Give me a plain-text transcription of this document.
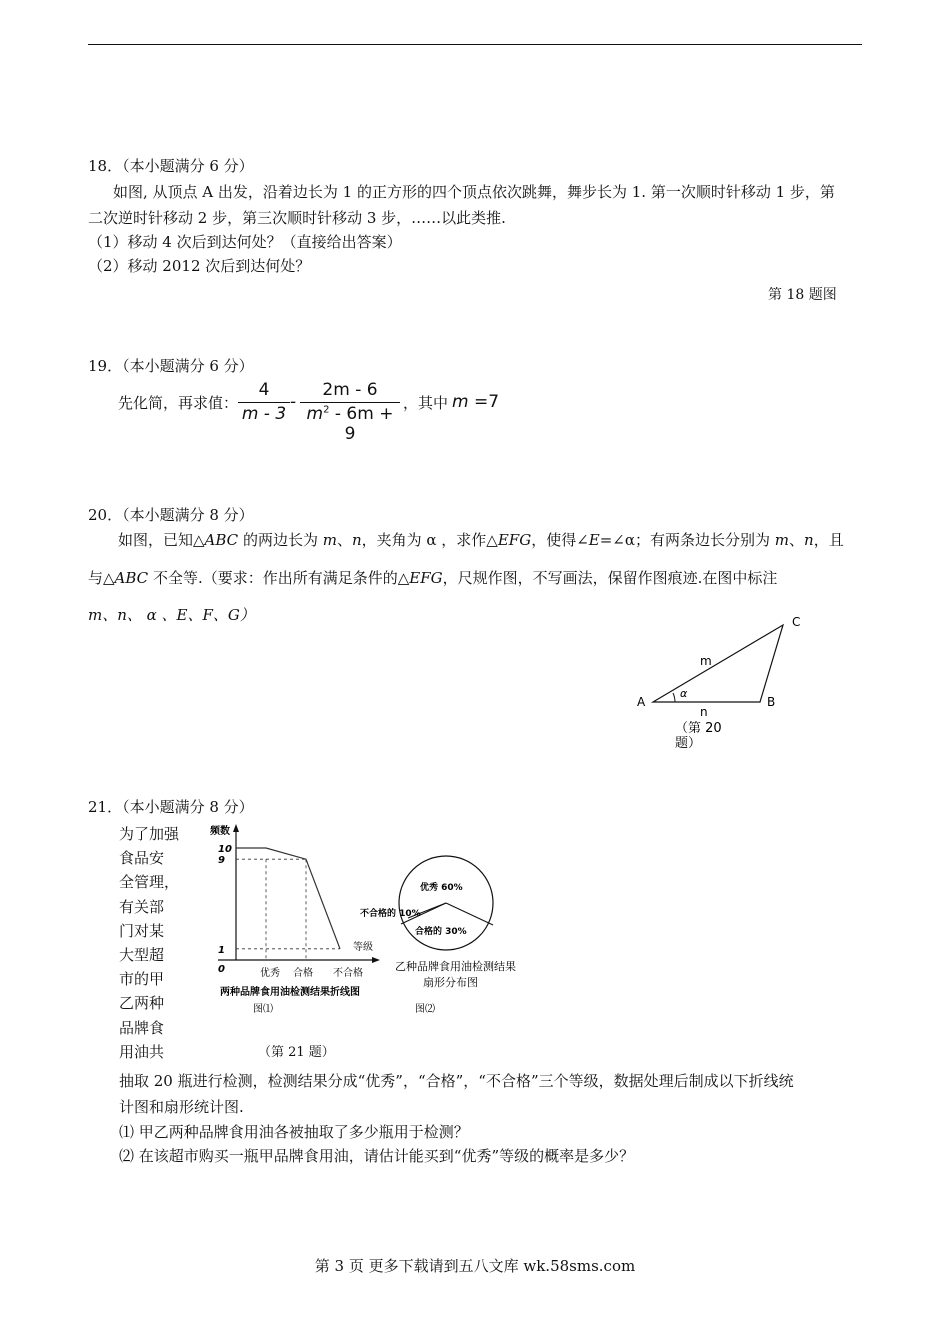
18．（本小题满分 6 分）
如图, 从顶点 A 出发，沿着边长为 1 的正方形的四个顶点依次跳舞，舞步长为 1. 第一次顺时针移动 1 步，第
二次逆时针移动 2 步，第三次顺时针移动 3 步，……以此类推.
（1）移动 4 次后到达何处？（直接给出答案）
（2）移动 2012 次后到达何处？
第 18 题图
19．（本小题满分 6 分）
先化简，再求值：
4
m - 3
-
2m - 6
$m^2 - 6m + 9$
，其中 m =7
20．（本小题满分 8 分）
如图，已知△ABC 的两边长为 m、n，夹角为 α ，求作△EFG，使得∠E=∠α；有两条边长分别为 m、n，且
与△ABC 不全等.（要求：作出所有满足条件的△EFG，尺规作图，不写画法，保留作图痕迹.在图中标注
m、n、 α 、E、F、G）
A	B
C
m
n
α
（第 20
题）
21．（本小题满分 8 分）
为了加强
食品安
全管理，
有关部
门对某
大型超
市的甲
乙两种
品牌食
用油共
频数
等级
优秀 合格 不合格
10
9
1
0
两种品牌食用油检测结果折线图
图⑴
优秀 60%
不合格的 10%
合格的 30%
乙种品牌食用油检测结果
扇形分布图
图⑵
（第 21 题）
抽取 20 瓶进行检测，检测结果分成“优秀”，“合格”，“不合格”三个等级，数据处理后制成以下折线统
计图和扇形统计图.
⑴ 甲乙两种品牌食用油各被抽取了多少瓶用于检测？
⑵ 在该超市购买一瓶甲品牌食用油，请估计能买到“优秀”等级的概率是多少？
第 3 页 更多下载请到五八文库 wk.58sms.com
